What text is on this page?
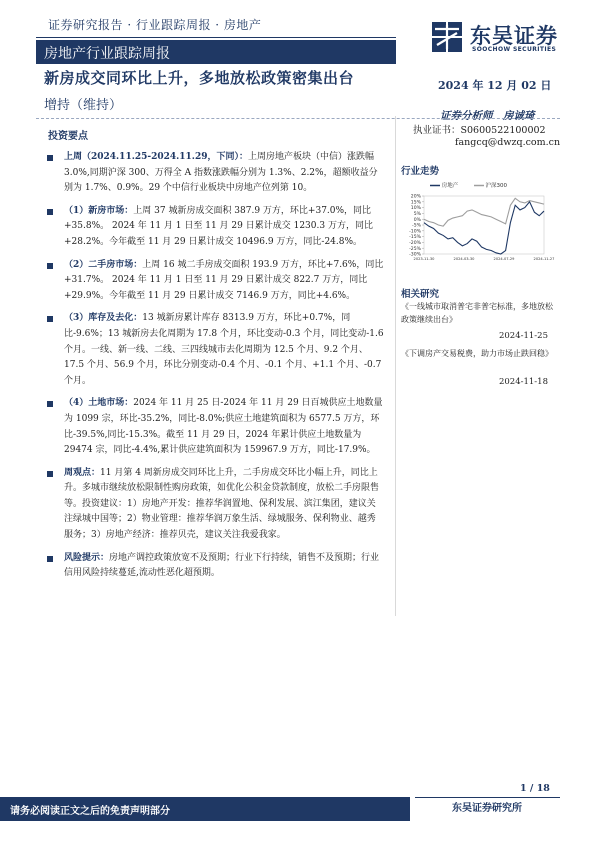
证券研究报告 · 行业跟踪周报 · 房地产	东吴证券
SOOCHOW SECURITIES
房地产行业跟踪周报
新房成交同环比上升，多地放松政策密集出台	2024 年 12 月 02 日
增持（维持）
证券分析师　房诚琦
执业证书：S0600522100002
fangcq@dwzq.com.cn
投资要点
上周（2024.11.25-2024.11.29，下同）：上周房地产板块（中信）涨跌幅 3.0%,同期沪深 300、万得全 A 指数涨跌幅分别为 1.3%、2.2%，超额收益分别为 1.7%、0.9%。29 个中信行业板块中房地产位列第 10。
（1）新房市场：上周 37 城新房成交面积 387.9 万方，环比+37.0%，同比+35.8%。 2024 年 11 月 1 日至 11 月 29 日累计成交 1230.3 万方，同比+28.2%。今年截至 11 月 29 日累计成交 10496.9 万方，同比-24.8%。
（2）二手房市场：上周 16 城二手房成交面积 193.9 万方，环比+7.6%，同比+31.7%。 2024 年 11 月 1 日至 11 月 29 日累计成交 822.7 万方，同比+29.9%。今年截至 11 月 29 日累计成交 7146.9 万方，同比+4.6%。
（3）库存及去化：13 城新房累计库存 8313.9 万方，环比+0.7%，同比-9.6%；13 城新房去化周期为 17.8 个月，环比变动-0.3 个月，同比变动-1.6 个月。一线、新一线、二线、三四线城市去化周期为 12.5 个月、9.2 个月、17.5 个月、56.9 个月，环比分别变动-0.4 个月、-0.1 个月、+1.1 个月、-0.7 个月。
（4）土地市场：2024 年 11 月 25 日-2024 年 11 月 29 日百城供应土地数量为 1099 宗，环比-35.2%，同比-8.0%;供应土地建筑面积为 6577.5 万方，环比-39.5%,同比-15.3%。截至 11 月 29 日，2024 年累计供应土地数量为 29474 宗，同比-4.4%,累计供应建筑面积为 159967.9 万方，同比-17.9%。
周观点：11 月第 4 周新房成交同环比上升，二手房成交环比小幅上升，同比上升。多城市继续放松限制性购房政策，如优化公积金贷款制度，放松二手房限售等。投资建议：1）房地产开发：推荐华润置地、保利发展、滨江集团，建议关注绿城中国等；2）物业管理：推荐华润万象生活、绿城服务、保利物业、越秀服务；3）房地产经济：推荐贝壳，建议关注我爱我家。
风险提示：房地产调控政策放宽不及预期；行业下行持续，销售不及预期；行业信用风险持续蔓延,流动性恶化超预期。
行业走势
房地产	沪深300
20%
15%
10%
5%
0%
-5%
-10%
-15%
-20%
-25%
-30%
2023-11-30	2024-03-30	2024-07-29	2024-11-27
相关研究
《一线城市取消普宅非普宅标准，多地放松政策继续出台》
2024-11-25
《下调房产交易税费，助力市场止跌回稳》
2024-11-18
1 / 18
请务必阅读正文之后的免责声明部分	东吴证券研究所
